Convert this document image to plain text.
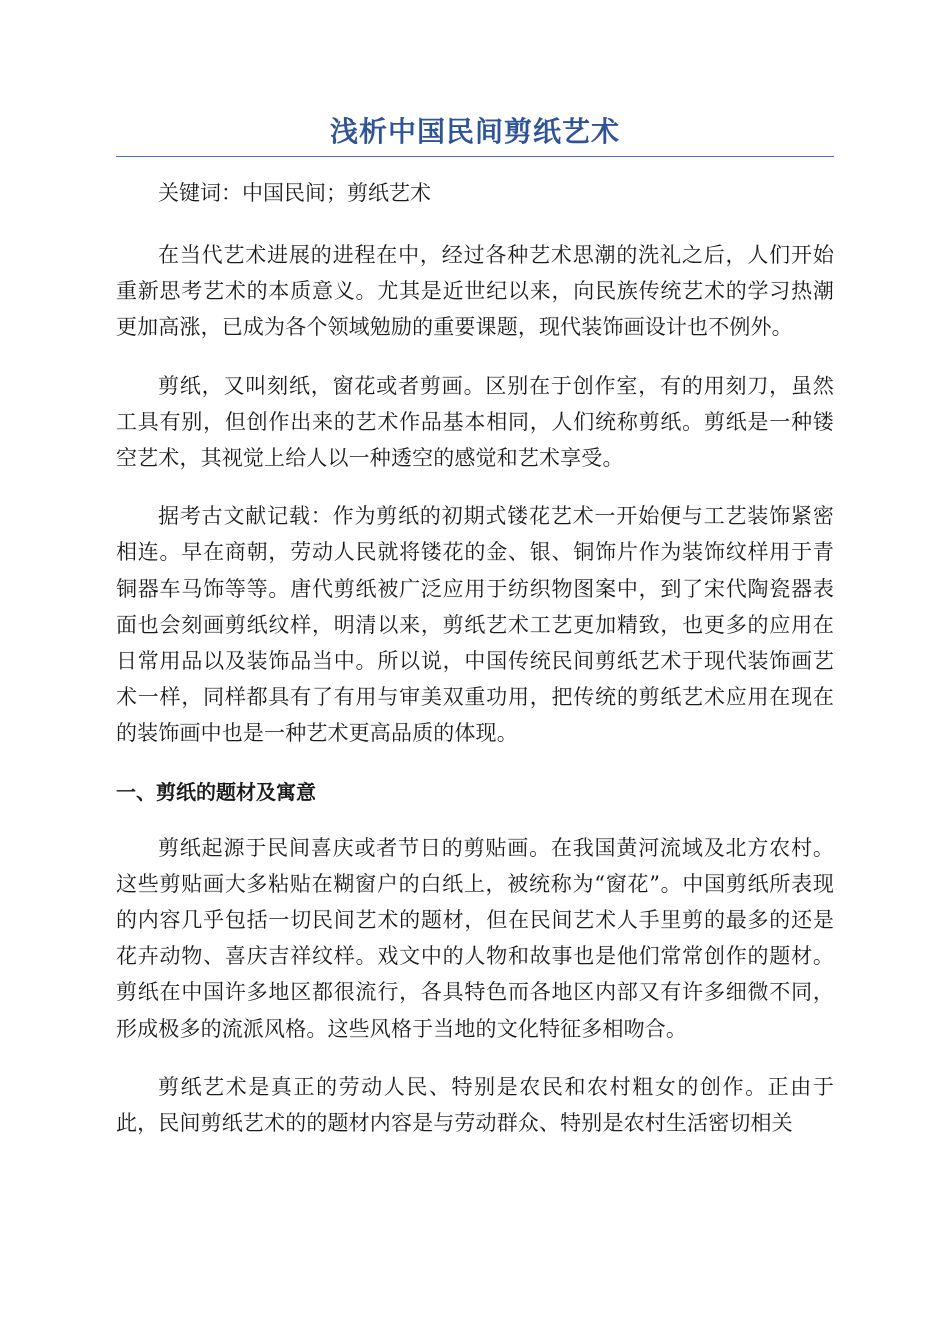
浅析中国民间剪纸艺术

关键词：中国民间；剪纸艺术

在当代艺术进展的进程在中，经过各种艺术思潮的洗礼之后，人们开始重新思考艺术的本质意义。尤其是近世纪以来，向民族传统艺术的学习热潮更加高涨，已成为各个领域勉励的重要课题，现代装饰画设计也不例外。

剪纸，又叫刻纸，窗花或者剪画。区别在于创作室，有的用刻刀，虽然工具有别，但创作出来的艺术作品基本相同，人们统称剪纸。剪纸是一种镂空艺术，其视觉上给人以一种透空的感觉和艺术享受。

据考古文献记载：作为剪纸的初期式镂花艺术一开始便与工艺装饰紧密相连。早在商朝，劳动人民就将镂花的金、银、铜饰片作为装饰纹样用于青铜器车马饰等等。唐代剪纸被广泛应用于纺织物图案中，到了宋代陶瓷器表面也会刻画剪纸纹样，明清以来，剪纸艺术工艺更加精致，也更多的应用在日常用品以及装饰品当中。所以说，中国传统民间剪纸艺术于现代装饰画艺术一样，同样都具有了有用与审美双重功用，把传统的剪纸艺术应用在现在的装饰画中也是一种艺术更高品质的体现。

一、剪纸的题材及寓意

剪纸起源于民间喜庆或者节日的剪贴画。在我国黄河流域及北方农村。这些剪贴画大多粘贴在糊窗户的白纸上，被统称为“窗花”。中国剪纸所表现的内容几乎包括一切民间艺术的题材，但在民间艺术人手里剪的最多的还是花卉动物、喜庆吉祥纹样。戏文中的人物和故事也是他们常常创作的题材。剪纸在中国许多地区都很流行，各具特色而各地区内部又有许多细微不同，形成极多的流派风格。这些风格于当地的文化特征多相吻合。

剪纸艺术是真正的劳动人民、特别是农民和农村粗女的创作。正由于此，民间剪纸艺术的的题材内容是与劳动群众、特别是农村生活密切相关
